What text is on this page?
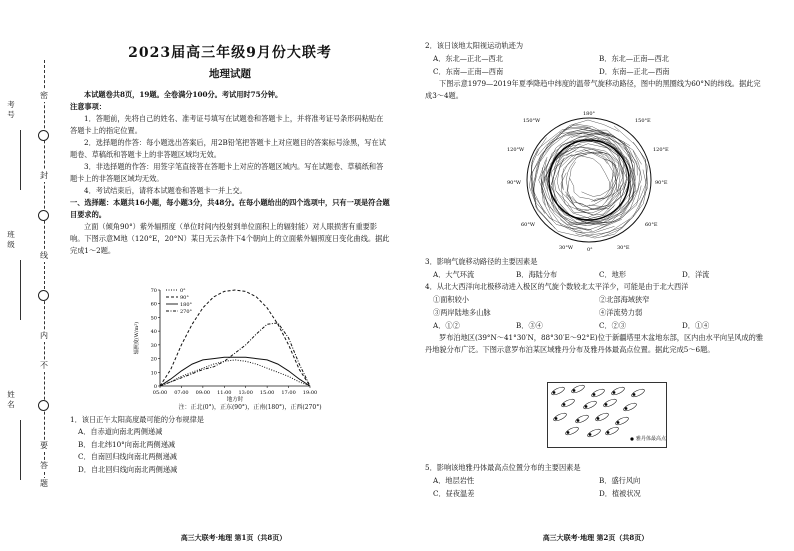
密
封
线
内
不
要
答
题
考号
班级
姓名
2023届高三年级9月份大联考
地理试题

本试题卷共8页，19题。全卷满分100分。考试用时75分钟。

注意事项：

1．答题前，先将自己的姓名、准考证号填写在试题卷和答题卡上，并将准考证号条形码粘贴在答题卡上的指定位置。

2．选择题的作答：每小题选出答案后，用2B铅笔把答题卡上对应题目的答案标号涂黑，写在试题卷、草稿纸和答题卡上的非答题区域均无效。

3．非选择题的作答：用签字笔直接答在答题卡上对应的答题区域内。写在试题卷、草稿纸和答题卡上的非答题区域均无效。

4．考试结束后，请将本试题卷和答题卡一并上交。

一、选择题：本题共16小题，每小题3分，共48分。在每小题给出的四个选项中，只有一项是符合题目要求的。

立面（倾角90°）紫外辐照度（单位时间内投射到单位面积上的辐射能）对人眼损害有重要影响。下图示意M地（120°E，20°N）某日无云条件下4个朝向上的立面紫外辐照度日变化曲线。据此完成1～2题。

0
10
20
30
40
50
60
70
05:00 07:00 09:00 11:00 13:00 15:00 17:00 19:00
地方时
辐照度(W/m²)
0°
90°
180°
270°
注：正北(0°)，正东(90°)，正南(180°)，正西(270°)

1．该日正午太阳高度最可能的分布规律是

A．自赤道向南北两侧递减
B．自北纬10°向南北两侧递减
C．自南回归线向南北两侧递减
D．自北回归线向南北两侧递减
高三大联考·地理 第1页（共8页）

2．该日该地太阳视运动轨迹为

A．东北—正北—西北	B．东北—正南—西北
C．东南—正南—西南	D．东南—正北—西南

下图示意1979—2019年夏季降趋中纬度的温带气旋移动路径，图中的黑圈线为60°N的纬线。据此完成3～4题。

180°
150°E
150°W
120°W	120°E
90°W	90°E
60°W	60°E
30°W	0°	30°E

3．影响气旋移动路径的主要因素是

A．大气环流	B．海陆分布	C．地形	D．洋流

4．从北大西洋向北极移动进入极区的气旋个数较北太平洋少，可能是由于北大西洋

①面积较小	②北部海域狭窄
③两岸陆地多山脉	④洋流势力弱
A．①②	B．③④	C．②③	D．①④

罗布泊地区(39°N～41°30′N，88°30′E～92°E)位于新疆塔里木盆地东部，区内由水平向呈风成的雅丹地貌分布广泛。下图示意罗布泊某区域雅丹分布及雅丹体最高点位置。据此完成5～6题。

雅丹体最高点

5．影响该地雅丹体最高点位置分布的主要因素是

A．地层岩性	B．盛行风向
C．昼夜温差	D．植被状况
高三大联考·地理 第2页（共8页）
